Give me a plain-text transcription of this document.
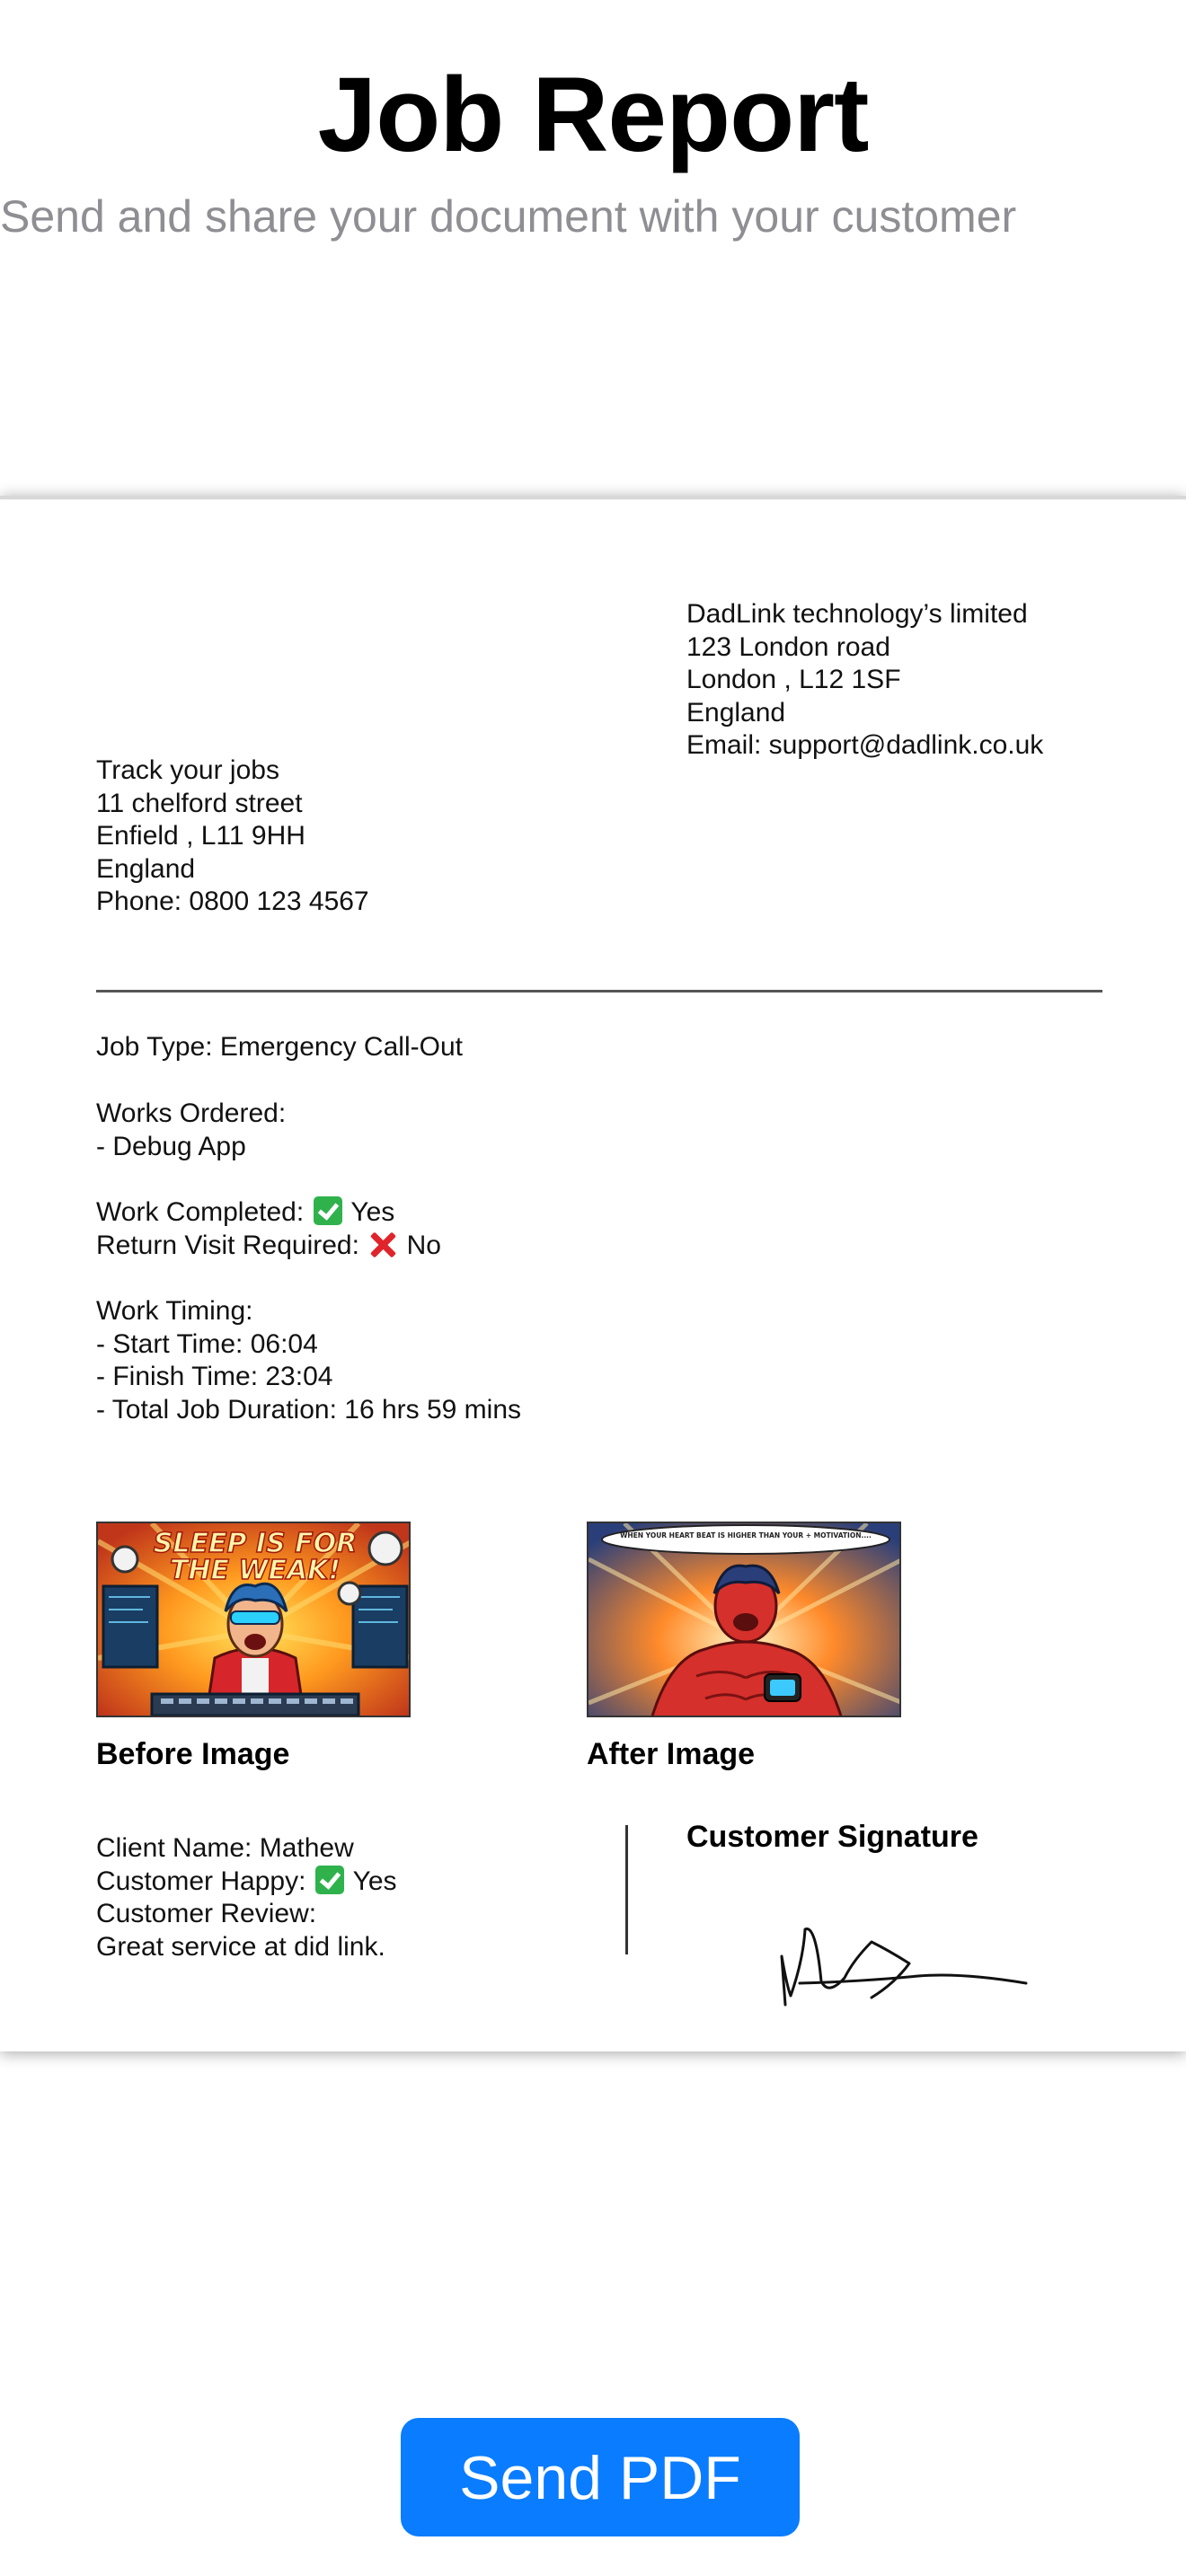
Job Report
Send and share your document with your customer
DadLink technology’s limited
123 London road
London , L12 1SF
England
Email: support@dadlink.co.uk
Track your jobs
11 chelford street
Enfield , L11 9HH
England
Phone: 0800 123 4567
Job Type: Emergency Call-Out
Works Ordered:
- Debug App
Work Completed: Yes
Return Visit Required: No
Work Timing:
- Start Time: 06:04
- Finish Time: 23:04
- Total Job Duration: 16 hrs 59 mins
SLEEP IS FOR
THE WEAK!
Before Image
WHEN YOUR HEART BEAT IS HIGHER THAN YOUR + MOTIVATION....
After Image
Client Name: Mathew
Customer Happy: Yes
Customer Review:
Great service at did link.
Customer Signature
Send PDF
